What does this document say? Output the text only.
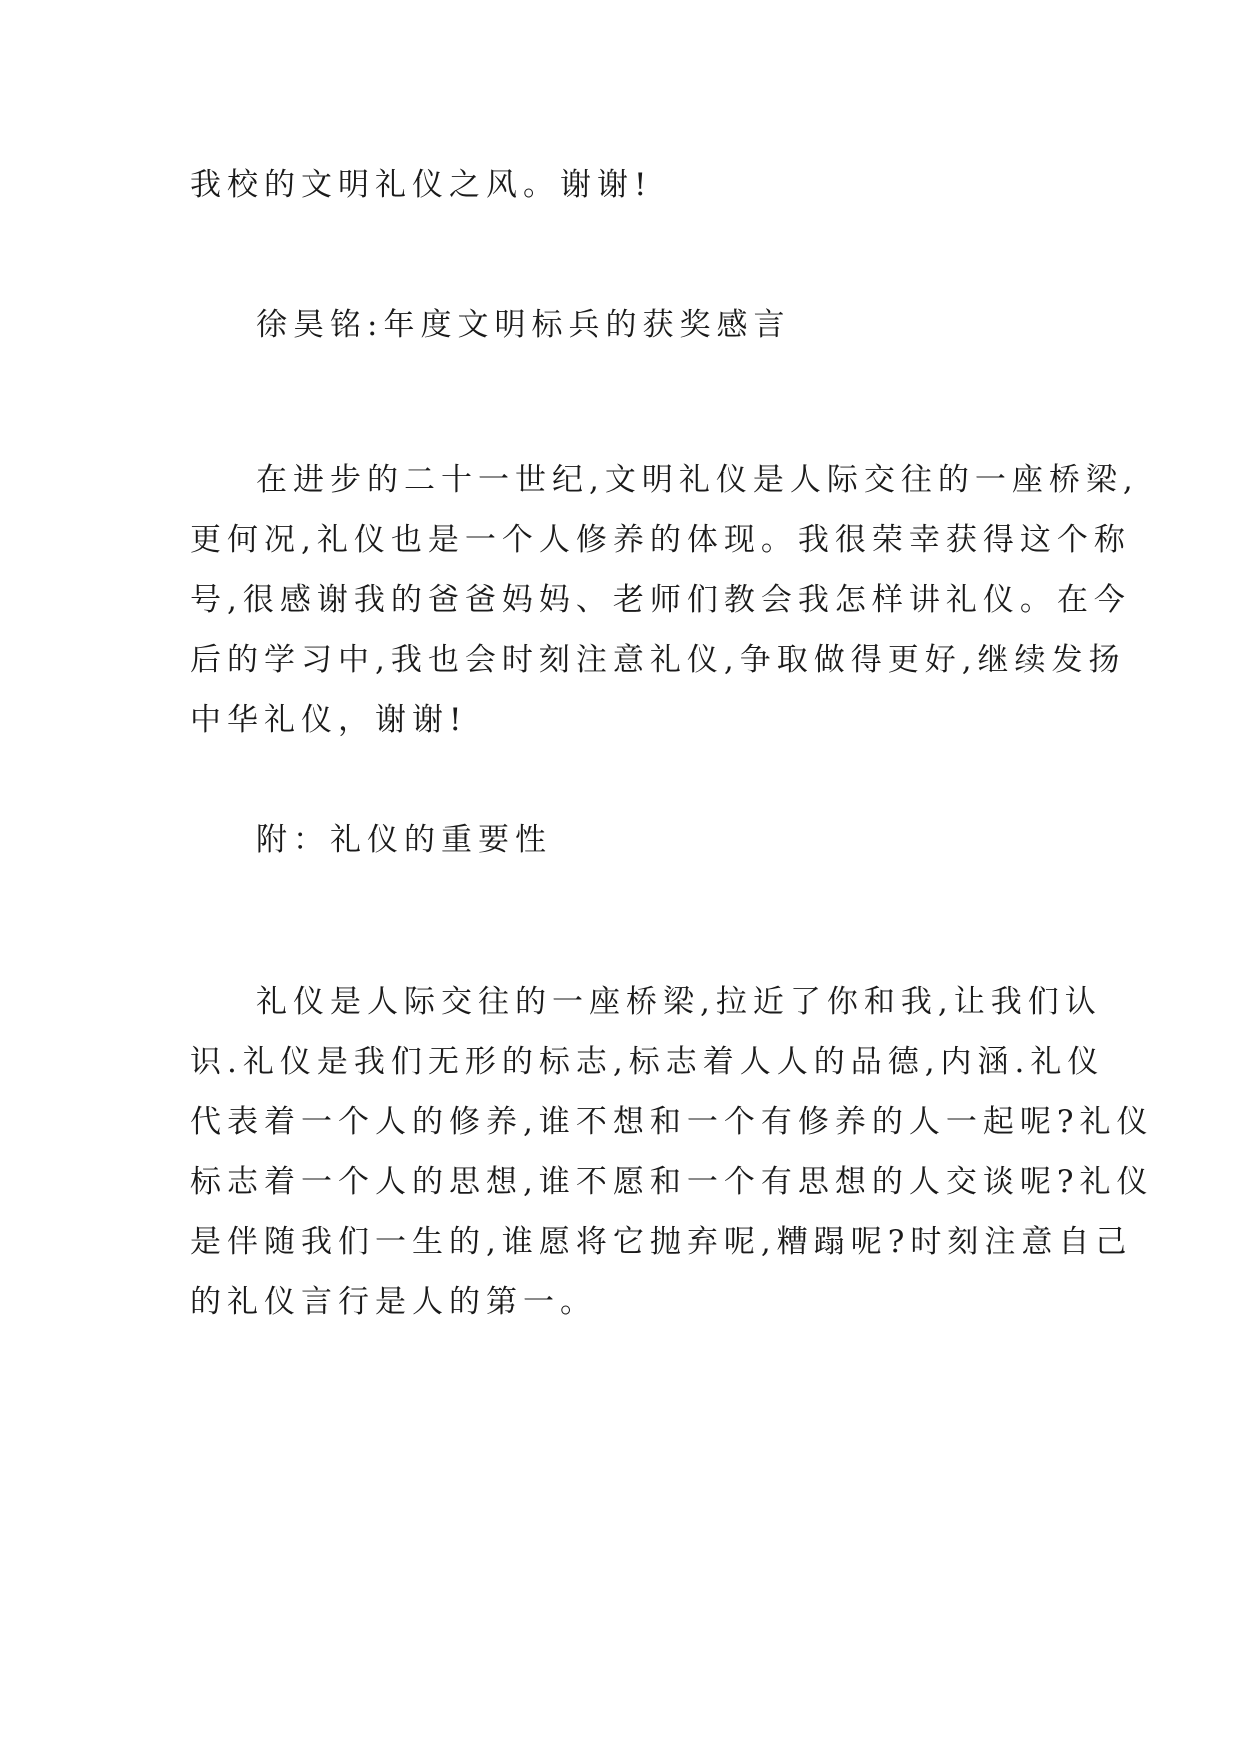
我校的文明礼仪之风。谢谢!
徐昊铭:年度文明标兵的获奖感言
在进步的二十一世纪,文明礼仪是人际交往的一座桥梁,
更何况,礼仪也是一个人修养的体现。我很荣幸获得这个称
号,很感谢我的爸爸妈妈、老师们教会我怎样讲礼仪。在今
后的学习中,我也会时刻注意礼仪,争取做得更好,继续发扬
中华礼仪，谢谢!
附：礼仪的重要性
礼仪是人际交往的一座桥梁,拉近了你和我,让我们认
识.礼仪是我们无形的标志,标志着人人的品德,内涵.礼仪
代表着一个人的修养,谁不想和一个有修养的人一起呢?礼仪
标志着一个人的思想,谁不愿和一个有思想的人交谈呢?礼仪
是伴随我们一生的,谁愿将它抛弃呢,糟蹋呢?时刻注意自己
的礼仪言行是人的第一。
